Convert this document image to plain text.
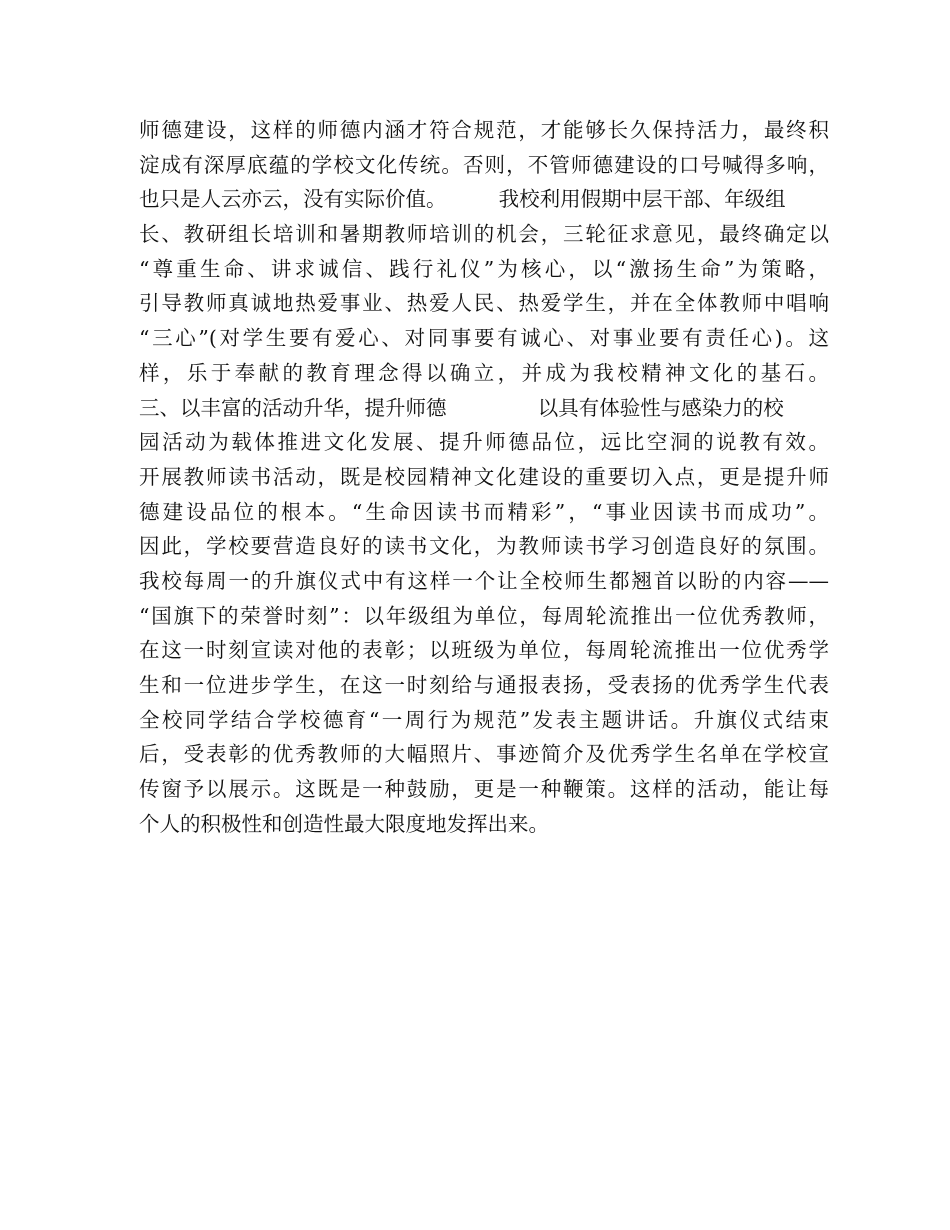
师德建设，这样的师德内涵才符合规范，才能够长久保持活力，最终积
淀成有深厚底蕴的学校文化传统。否则，不管师德建设的口号喊得多响，
也只是人云亦云，没有实际价值。        我校利用假期中层干部、年级组
长、教研组长培训和暑期教师培训的机会，三轮征求意见，最终确定以
“尊重生命、讲求诚信、践行礼仪”为核心，以“激扬生命”为策略，
引导教师真诚地热爱事业、热爱人民、热爱学生，并在全体教师中唱响
“三心”(对学生要有爱心、对同事要有诚心、对事业要有责任心)。这
样，乐于奉献的教育理念得以确立，并成为我校精神文化的基石。
三、以丰富的活动升华，提升师德              以具有体验性与感染力的校
园活动为载体推进文化发展、提升师德品位，远比空洞的说教有效。
开展教师读书活动，既是校园精神文化建设的重要切入点，更是提升师
德建设品位的根本。“生命因读书而精彩”，“事业因读书而成功”。
因此，学校要营造良好的读书文化，为教师读书学习创造良好的氛围。
我校每周一的升旗仪式中有这样一个让全校师生都翘首以盼的内容——
“国旗下的荣誉时刻”：以年级组为单位，每周轮流推出一位优秀教师，
在这一时刻宣读对他的表彰；以班级为单位，每周轮流推出一位优秀学
生和一位进步学生，在这一时刻给与通报表扬，受表扬的优秀学生代表
全校同学结合学校德育“一周行为规范”发表主题讲话。升旗仪式结束
后，受表彰的优秀教师的大幅照片、事迹简介及优秀学生名单在学校宣
传窗予以展示。这既是一种鼓励，更是一种鞭策。这样的活动，能让每
个人的积极性和创造性最大限度地发挥出来。
